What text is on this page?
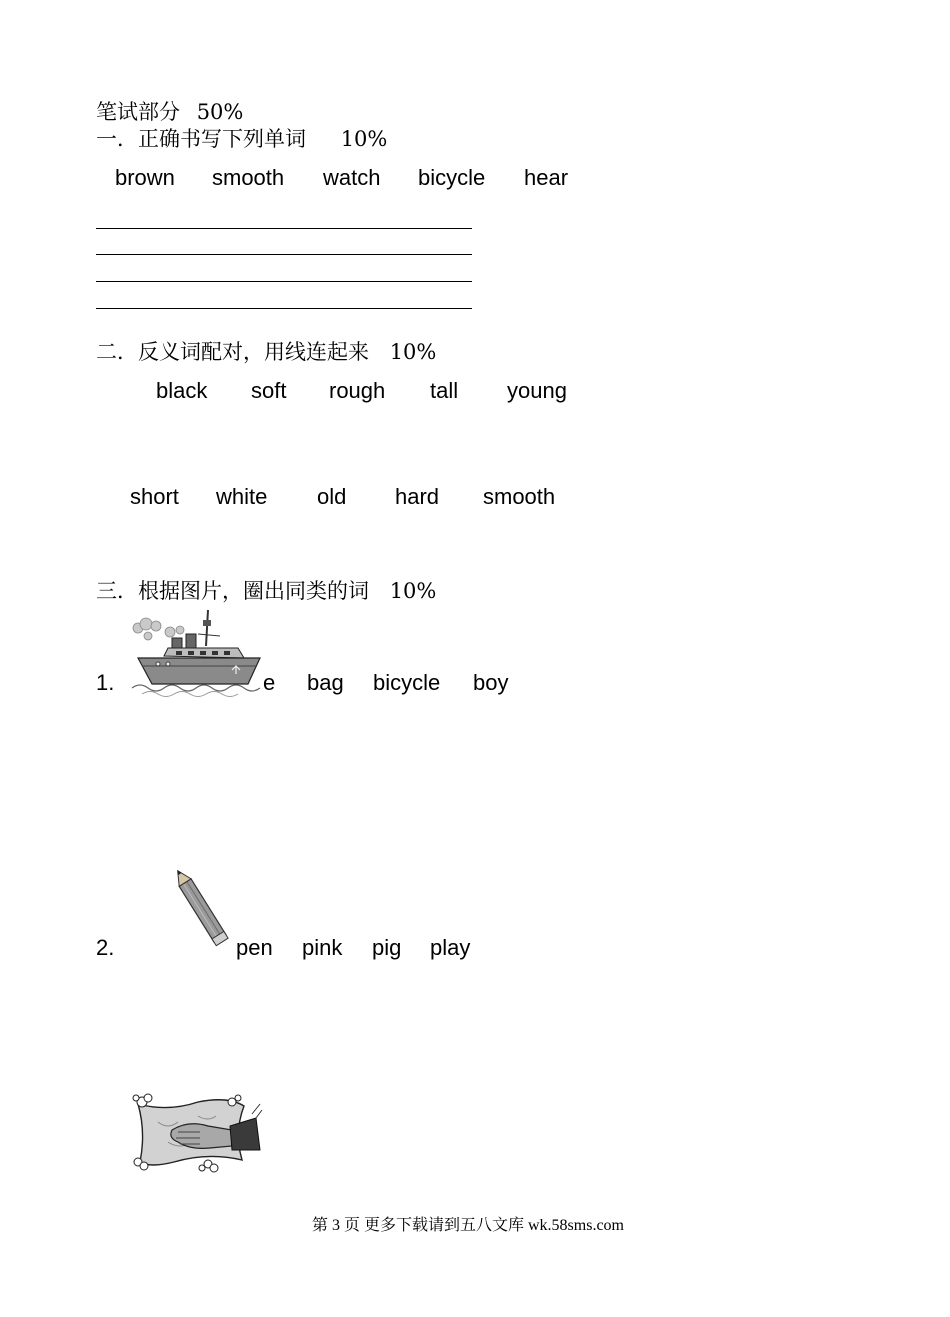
笔试部分 50%
一．正确书写下列单词 10%
brown smooth watch bicycle hear
二．反义词配对，用线连起来 10%
black soft rough tall young
short white old hard smooth
三．根据图片，圈出同类的词 10%
1.	e bag bicycle boy
2.	pen pink pig play
第 3 页 更多下载请到五八文库 wk.58sms.com
